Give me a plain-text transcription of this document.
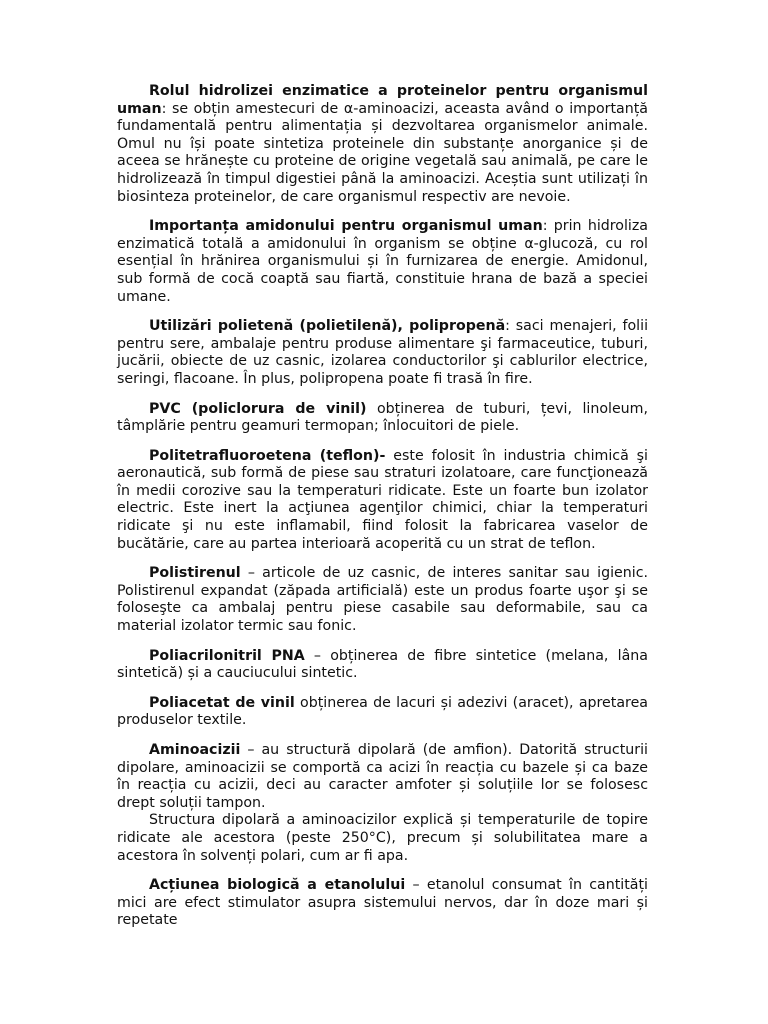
Rolul hidrolizei enzimatice a proteinelor pentru organismul uman: se obțin amestecuri de α-aminoacizi, aceasta având o importanță fundamentală pentru alimentația și dezvoltarea organismelor animale. Omul nu își poate sintetiza proteinele din substanțe anorganice și de aceea se hrănește cu proteine de origine vegetală sau animală, pe care le hidrolizează în timpul digestiei până la aminoacizi. Aceștia sunt utilizați în biosinteza proteinelor, de care organismul respectiv are nevoie.

Importanța amidonului pentru organismul uman: prin hidroliza enzimatică totală a amidonului în organism se obține α-glucoză, cu rol esențial în hrănirea organismului și în furnizarea de energie. Amidonul, sub formă de cocă coaptă sau fiartă, constituie hrana de bază a speciei umane.

Utilizări polietenă (polietilenă), polipropenă: saci menajeri, folii pentru sere, ambalaje pentru produse alimentare şi farmaceutice, tuburi, jucării, obiecte de uz casnic, izolarea conductorilor şi cablurilor electrice, seringi, flacoane. În plus, polipropena poate fi trasă în fire.

PVC (policlorura de vinil) obținerea de tuburi, țevi, linoleum, tâmplărie pentru geamuri termopan; înlocuitori de piele.

Politetrafluoroetena (teflon)- este folosit în industria chimică şi aeronautică, sub formă de piese sau straturi izolatoare, care funcţionează în medii corozive sau la temperaturi ridicate. Este un foarte bun izolator electric. Este inert la acţiunea agenţilor chimici, chiar la temperaturi ridicate şi nu este inflamabil, fiind folosit la fabricarea vaselor de bucătărie, care au partea interioară acoperită cu un strat de teflon.

Polistirenul – articole de uz casnic, de interes sanitar sau igienic. Polistirenul expandat (zăpada artificială) este un produs foarte uşor şi se foloseşte ca ambalaj pentru piese casabile sau deformabile, sau ca material izolator termic sau fonic.

Poliacrilonitril PNA – obținerea de fibre sintetice (melana, lâna sintetică) și a cauciucului sintetic.

Poliacetat de vinil obținerea de lacuri și adezivi (aracet), apretarea produselor textile.

Aminoacizii – au structură dipolară (de amfion). Datorită structurii dipolare, aminoacizii se comportă ca acizi în reacția cu bazele și ca baze în reacția cu acizii, deci au caracter amfoter și soluțiile lor se folosesc drept soluții tampon.
Structura dipolară a aminoacizilor explică și temperaturile de topire ridicate ale acestora (peste 250°C), precum și solubilitatea mare a acestora în solvenți polari, cum ar fi apa.

Acțiunea biologică a etanolului – etanolul consumat în cantități mici are efect stimulator asupra sistemului nervos, dar în doze mari și repetate
